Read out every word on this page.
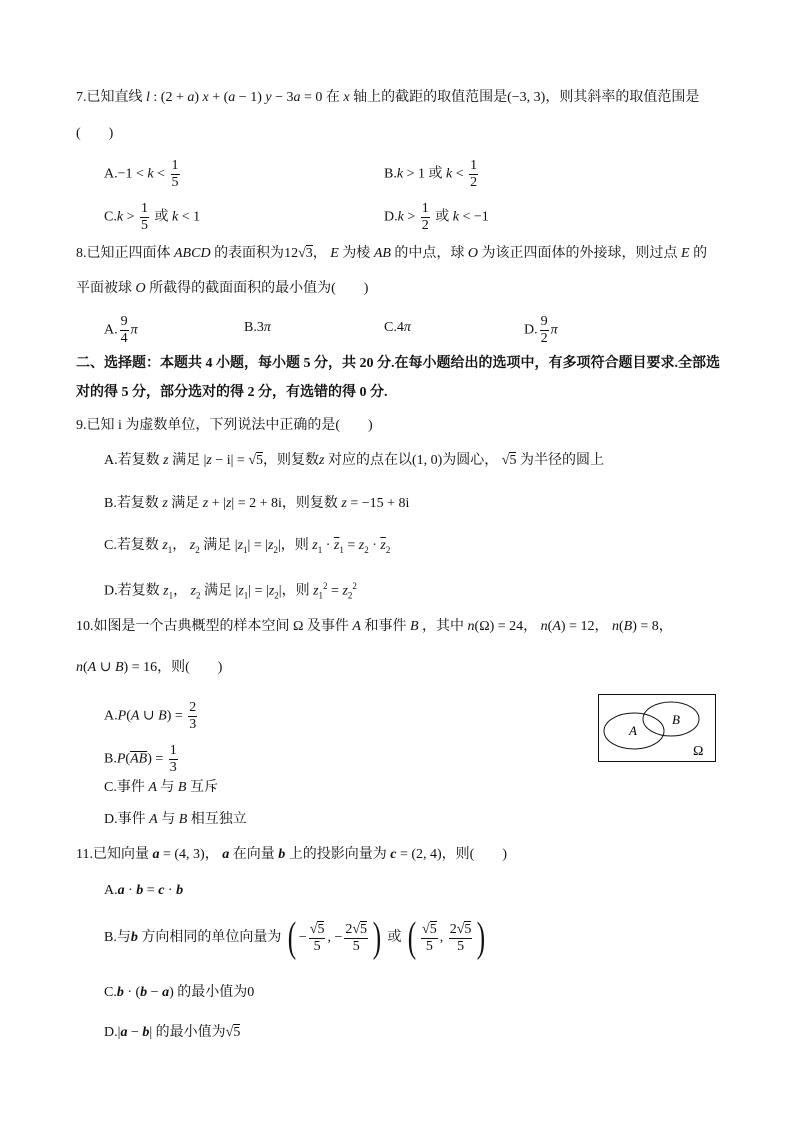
7.已知直线 l : (2 + a) x + (a − 1) y − 3a = 0 在 x 轴上的截距的取值范围是(−3, 3)，则其斜率的取值范围是
(　　)
$A.-1 < k < \frac{1}{5}$	B.k > 1 或 $k < \frac{1}{2}$
$C.k > \frac{1}{5}$ 或 k < 1	$D.k > \frac{1}{2}$ 或 k < −1
8.已知正四面体 ABCD 的表面积为12√3， E 为棱 AB 的中点，球 O 为该正四面体的外接球，则过点 E 的
平面被球 O 所截得的截面面积的最小值为(　　)
A. $\frac{9}{4}$ π	B.3π	C.4π	D. $\frac{9}{2}$ π
二、选择题：本题共 4 小题，每小题 5 分，共 20 分.在每小题给出的选项中，有多项符合题目要求.全部选
对的得 5 分，部分选对的得 2 分，有选错的得 0 分.
9.已知 i 为虚数单位，下列说法中正确的是(　　)
A.若复数 z 满足 |z − i| = √5，则复数z 对应的点在以(1, 0)为圆心， √5 为半径的圆上
B.若复数 z 满足 z + |z| = 2 + 8i，则复数 z = −15 + 8i
C.若复数 $z_1$， $z_2$ 满足 $|z_1| = |z_2|$，则 $z_1 \cdot \overline{z}_1 = z_2 \cdot \overline{z}_2$
D.若复数 $z_1$， $z_2$ 满足 $|z_1| = |z_2|$，则 $z_1^2 = z_2^2$
10.如图是一个古典概型的样本空间 Ω 及事件 A 和事件 B ，其中 n(Ω) = 24， n(A) = 12， n(B) = 8，
n(A ∪ B) = 16，则(　　)
A.P(A ∪ $B) = \frac{2}{3}$
$B.P(\overline{AB}) = \frac{1}{3}$
C.事件 A 与 B 互斥
D.事件 A 与 B 相互独立
A
B
Ω
11.已知向量 a = (4, 3)， a 在向量 b 上的投影向量为 c = (2, 4)，则(　　)
A.a · b = c · b
B.与b 方向相同的单位向量为 ( − $\frac{√5}{5}$ , − $\frac{2√5}{5}$ ) 或 ( $\frac{√5}{5}$ , $\frac{2√5}{5}$ )
C.b · (b − a) 的最小值为0
D.|a − b| 的最小值为√5
